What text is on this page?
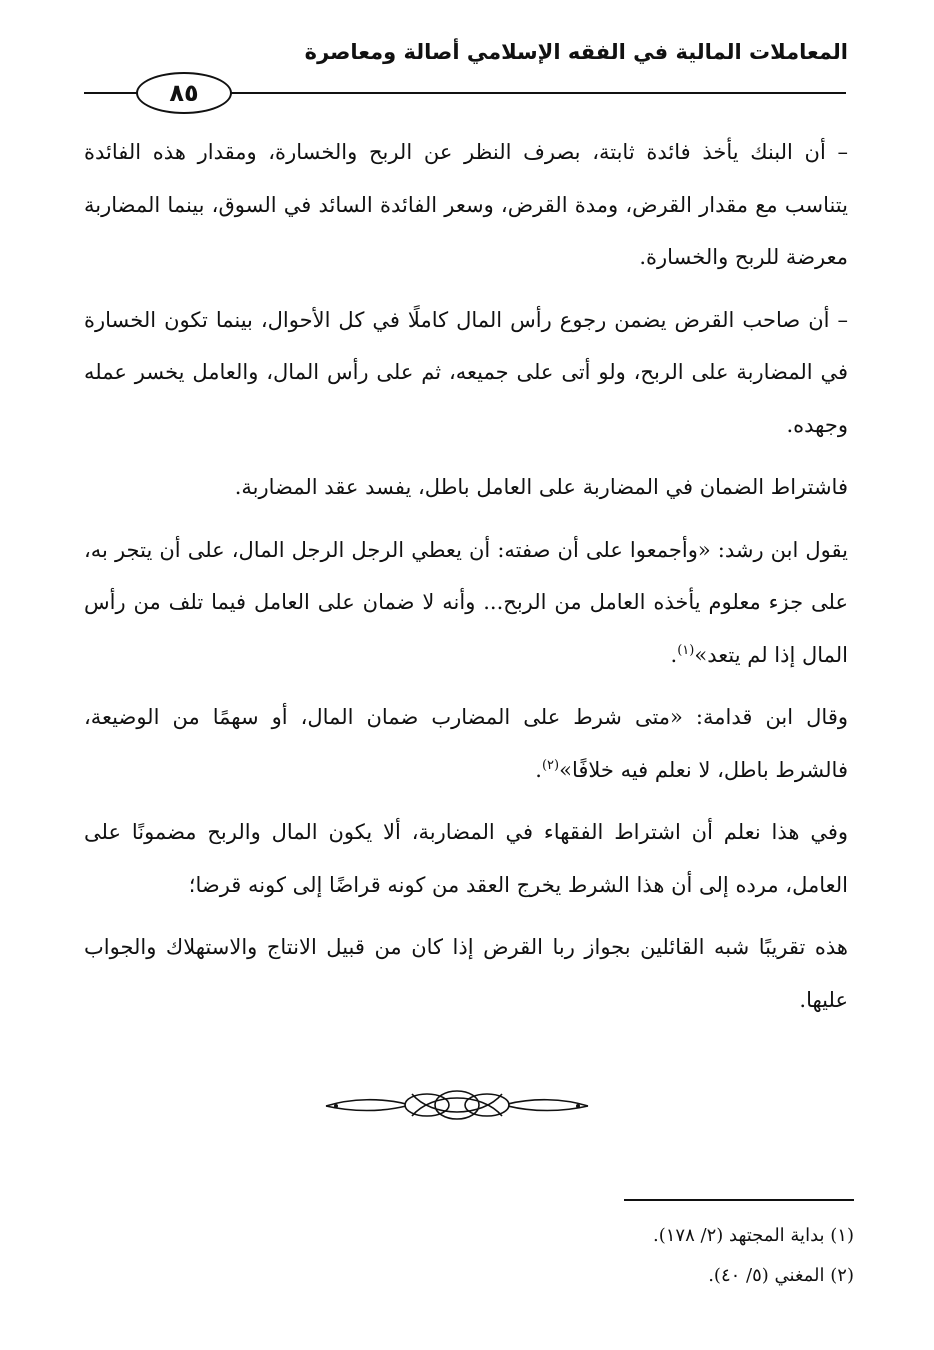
المعاملات المالية في الفقه الإسلامي أصالة ومعاصرة
٨٥

– أن البنك يأخذ فائدة ثابتة، بصرف النظر عن الربح والخسارة، ومقدار هذه الفائدة يتناسب مع مقدار القرض، ومدة القرض، وسعر الفائدة السائد في السوق، بينما المضاربة معرضة للربح والخسارة.

– أن صاحب القرض يضمن رجوع رأس المال كاملًا في كل الأحوال، بينما تكون الخسارة في المضاربة على الربح، ولو أتى على جميعه، ثم على رأس المال، والعامل يخسر عمله وجهده.

فاشتراط الضمان في المضاربة على العامل باطل، يفسد عقد المضاربة.

يقول ابن رشد: «وأجمعوا على أن صفته: أن يعطي الرجل الرجل المال، على أن يتجر به، على جزء معلوم يأخذه العامل من الربح... وأنه لا ضمان على العامل فيما تلف من رأس المال إذا لم يتعد»$^{(١)}$.

وقال ابن قدامة: «متى شرط على المضارب ضمان المال، أو سهمًا من الوضيعة، فالشرط باطل، لا نعلم فيه خلافًا»$^{(٢)}$.

وفي هذا نعلم أن اشتراط الفقهاء في المضاربة، ألا يكون المال والربح مضمونًا على العامل، مرده إلى أن هذا الشرط يخرج العقد من كونه قراضًا إلى كونه قرضا؛

هذه تقريبًا شبه القائلين بجواز ربا القرض إذا كان من قبيل الانتاج والاستهلاك والجواب عليها.

(١) بداية المجتهد (٢/ ١٧٨).

(٢) المغني (٥/ ٤٠).
